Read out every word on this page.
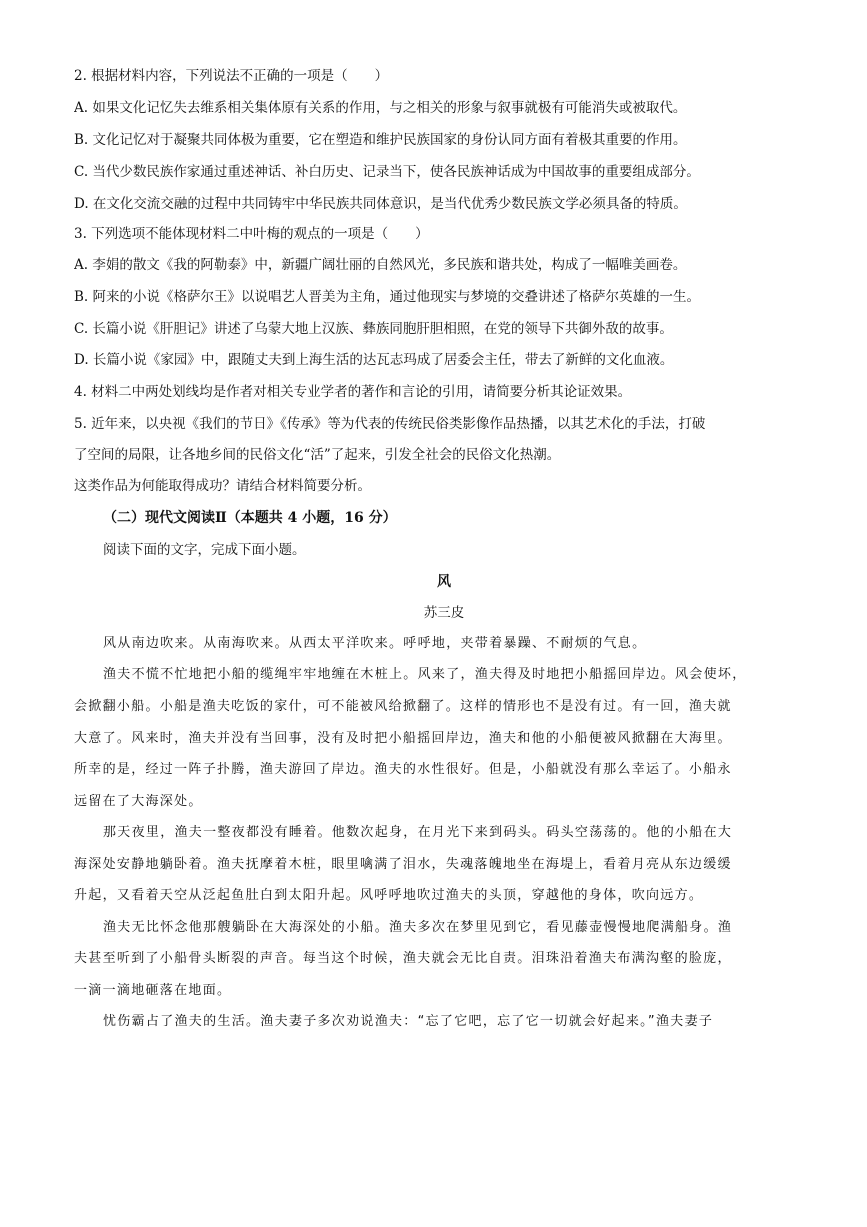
2. 根据材料内容，下列说法不正确的一项是（　　）
A. 如果文化记忆失去维系相关集体原有关系的作用，与之相关的形象与叙事就极有可能消失或被取代。
B. 文化记忆对于凝聚共同体极为重要，它在塑造和维护民族国家的身份认同方面有着极其重要的作用。
C. 当代少数民族作家通过重述神话、补白历史、记录当下，使各民族神话成为中国故事的重要组成部分。
D. 在文化交流交融的过程中共同铸牢中华民族共同体意识，是当代优秀少数民族文学必须具备的特质。
3. 下列选项不能体现材料二中叶梅的观点的一项是（　　）
A. 李娟的散文《我的阿勒泰》中，新疆广阔壮丽的自然风光，多民族和谐共处，构成了一幅唯美画卷。
B. 阿来的小说《格萨尔王》以说唱艺人晋美为主角，通过他现实与梦境的交叠讲述了格萨尔英雄的一生。
C. 长篇小说《肝胆记》讲述了乌蒙大地上汉族、彝族同胞肝胆相照，在党的领导下共御外敌的故事。
D. 长篇小说《家园》中，跟随丈夫到上海生活的达瓦志玛成了居委会主任，带去了新鲜的文化血液。
4. 材料二中两处划线均是作者对相关专业学者的著作和言论的引用，请简要分析其论证效果。
5. 近年来，以央视《我们的节日》《传承》等为代表的传统民俗类影像作品热播，以其艺术化的手法，打破
了空间的局限，让各地乡间的民俗文化“活”了起来，引发全社会的民俗文化热潮。
这类作品为何能取得成功？请结合材料简要分析。
（二）现代文阅读Ⅱ（本题共 4 小题，16 分）
阅读下面的文字，完成下面小题。
风
苏三皮
风从南边吹来。从南海吹来。从西太平洋吹来。呼呼地，夹带着暴躁、不耐烦的气息。
渔夫不慌不忙地把小船的缆绳牢牢地缠在木桩上。风来了，渔夫得及时地把小船摇回岸边。风会使坏，
会掀翻小船。小船是渔夫吃饭的家什，可不能被风给掀翻了。这样的情形也不是没有过。有一回，渔夫就
大意了。风来时，渔夫并没有当回事，没有及时把小船摇回岸边，渔夫和他的小船便被风掀翻在大海里。
所幸的是，经过一阵子扑腾，渔夫游回了岸边。渔夫的水性很好。但是，小船就没有那么幸运了。小船永
远留在了大海深处。
那天夜里，渔夫一整夜都没有睡着。他数次起身，在月光下来到码头。码头空荡荡的。他的小船在大
海深处安静地躺卧着。渔夫抚摩着木桩，眼里噙满了泪水，失魂落魄地坐在海堤上，看着月亮从东边缓缓
升起，又看着天空从泛起鱼肚白到太阳升起。风呼呼地吹过渔夫的头顶，穿越他的身体，吹向远方。
渔夫无比怀念他那艘躺卧在大海深处的小船。渔夫多次在梦里见到它，看见藤壶慢慢地爬满船身。渔
夫甚至听到了小船骨头断裂的声音。每当这个时候，渔夫就会无比自责。泪珠沿着渔夫布满沟壑的脸庞，
一滴一滴地砸落在地面。
忧伤霸占了渔夫的生活。渔夫妻子多次劝说渔夫：“忘了它吧，忘了它一切就会好起来。”渔夫妻子
